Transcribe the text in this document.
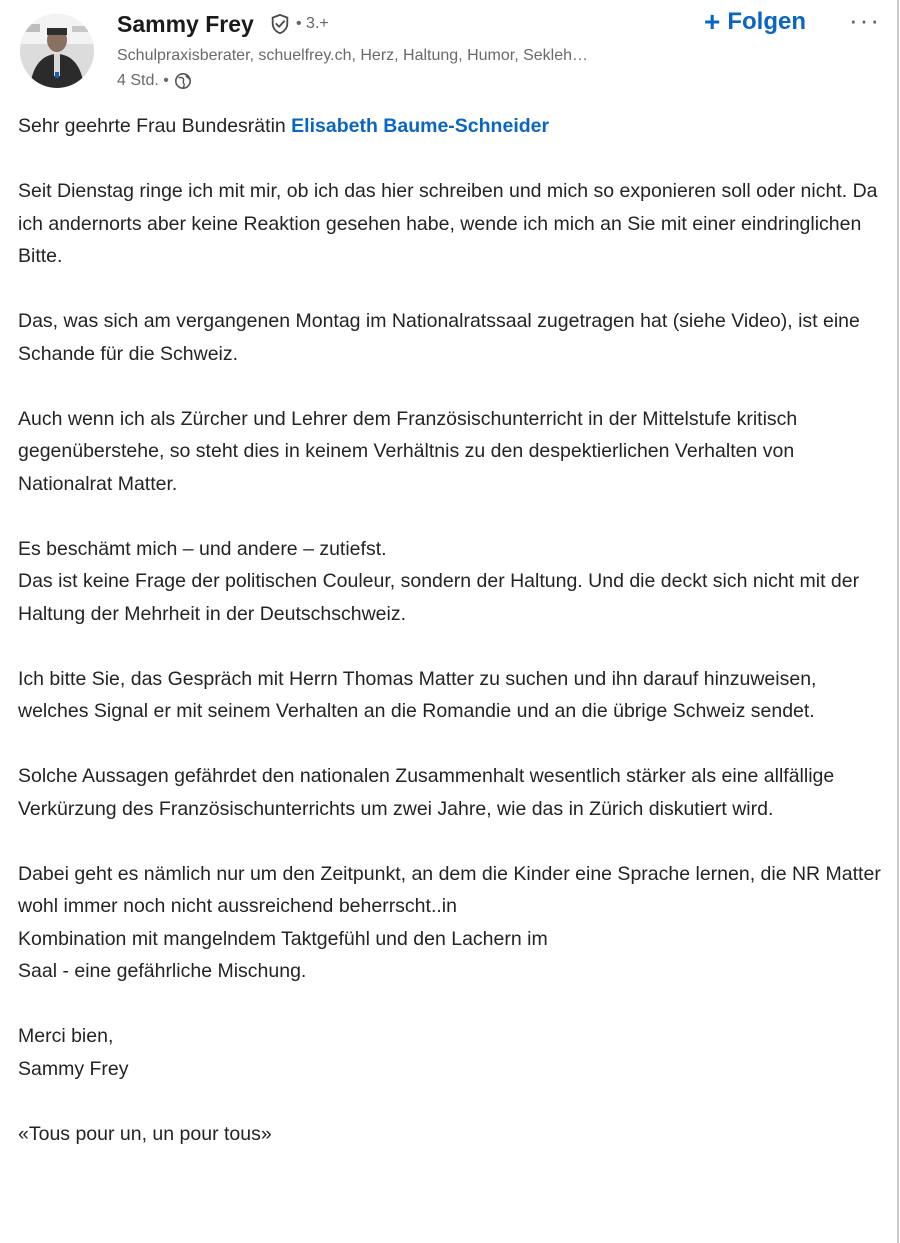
Sammy Frey	• 3.+
Schulpraxisberater, schuelfrey.ch, Herz, Haltung, Humor, Sekleh…
4 Std. •
+ Folgen ···

Sehr geehrte Frau Bundesrätin Elisabeth Baume-Schneider

Seit Dienstag ringe ich mit mir, ob ich das hier schreiben und mich so exponieren soll oder nicht. Da ich andernorts aber keine Reaktion gesehen habe, wende ich mich an Sie mit einer eindringlichen Bitte.

Das, was sich am vergangenen Montag im Nationalratssaal zugetragen hat (siehe Video), ist eine Schande für die Schweiz.

Auch wenn ich als Zürcher und Lehrer dem Französischunterricht in der Mittelstufe kritisch gegenüberstehe, so steht dies in keinem Verhältnis zu den despektierlichen Verhalten von Nationalrat Matter.

Es beschämt mich – und andere – zutiefst.

Das ist keine Frage der politischen Couleur, sondern der Haltung. Und die deckt sich nicht mit der Haltung der Mehrheit in der Deutschschweiz.

Ich bitte Sie, das Gespräch mit Herrn Thomas Matter zu suchen und ihn darauf hinzuweisen, welches Signal er mit seinem Verhalten an die Romandie und an die übrige Schweiz sendet.

Solche Aussagen gefährdet den nationalen Zusammenhalt wesentlich stärker als eine allfällige Verkürzung des Französischunterrichts um zwei Jahre, wie das in Zürich diskutiert wird.

Dabei geht es nämlich nur um den Zeitpunkt, an dem die Kinder eine Sprache lernen, die NR Matter wohl immer noch nicht aussreichend beherrscht..in

Kombination mit mangelndem Taktgefühl und den Lachern im

Saal - eine gefährliche Mischung.

Merci bien,

Sammy Frey

«Tous pour un, un pour tous»
